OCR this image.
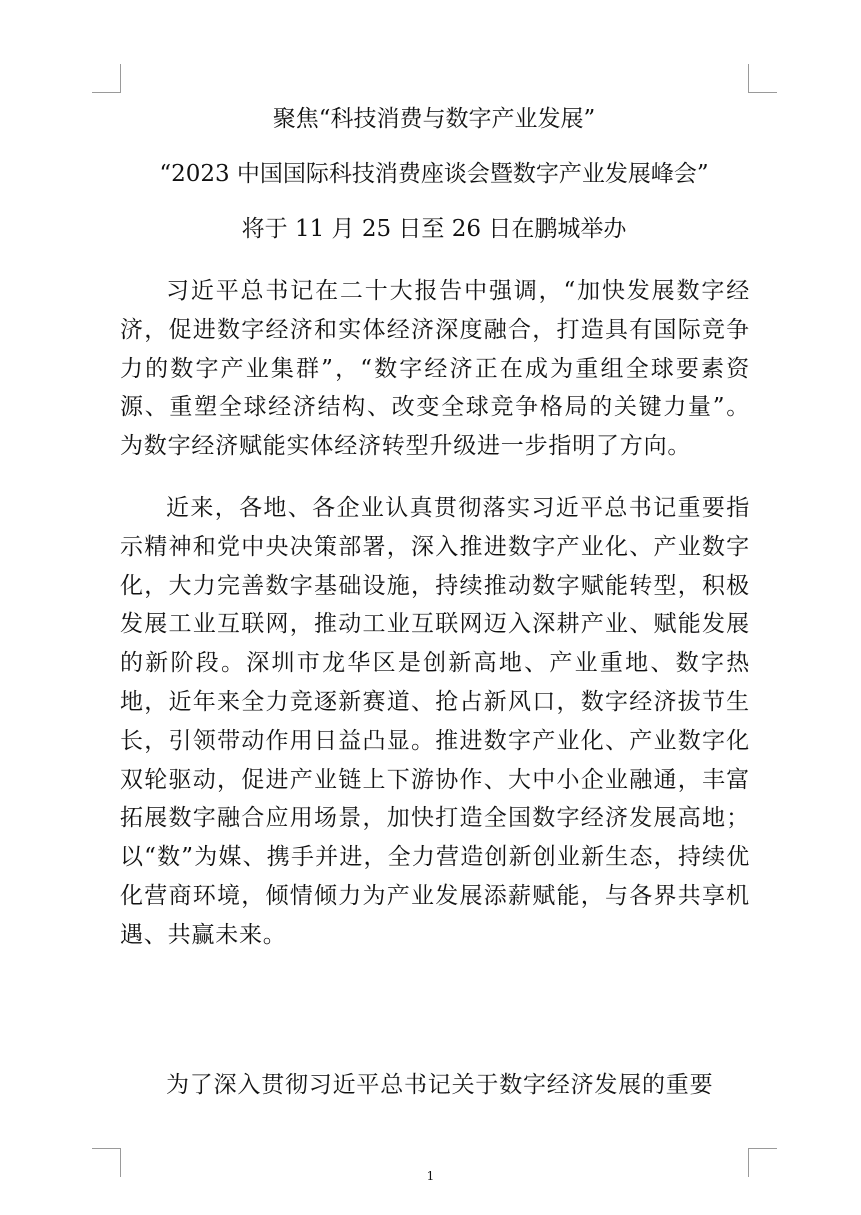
聚焦“科技消费与数字产业发展”
“2023 中国国际科技消费座谈会暨数字产业发展峰会”
将于 11 月 25 日至 26 日在鹏城举办

习近平总书记在二十大报告中强调，“加快发展数字经济，促进数字经济和实体经济深度融合，打造具有国际竞争力的数字产业集群”，“数字经济正在成为重组全球要素资源、重塑全球经济结构、改变全球竞争格局的关键力量”。为数字经济赋能实体经济转型升级进一步指明了方向。

近来，各地、各企业认真贯彻落实习近平总书记重要指示精神和党中央决策部署，深入推进数字产业化、产业数字化，大力完善数字基础设施，持续推动数字赋能转型，积极发展工业互联网，推动工业互联网迈入深耕产业、赋能发展的新阶段。深圳市龙华区是创新高地、产业重地、数字热地，近年来全力竞逐新赛道、抢占新风口，数字经济拔节生长，引领带动作用日益凸显。推进数字产业化、产业数字化双轮驱动，促进产业链上下游协作、大中小企业融通，丰富拓展数字融合应用场景，加快打造全国数字经济发展高地；以“数”为媒、携手并进，全力营造创新创业新生态，持续优化营商环境，倾情倾力为产业发展添薪赋能，与各界共享机遇、共赢未来。

为了深入贯彻习近平总书记关于数字经济发展的重要

1
